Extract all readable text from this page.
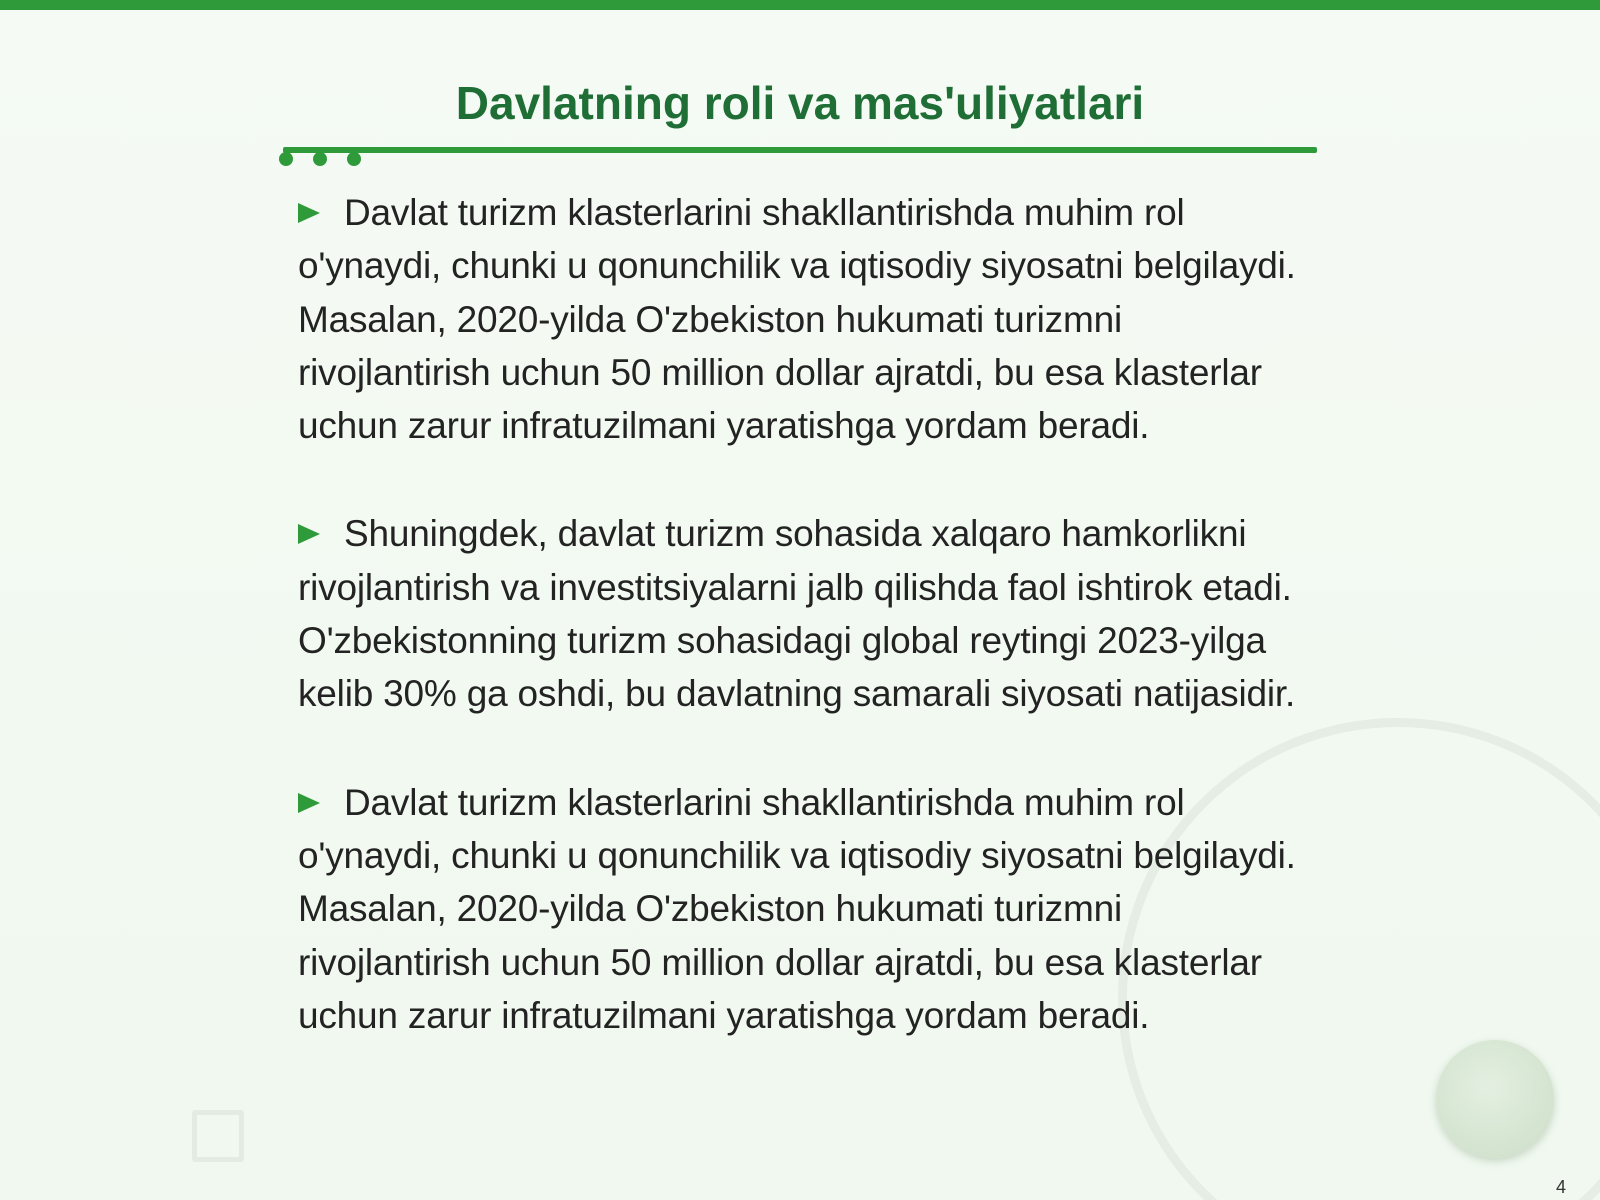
Davlatning roli va mas'uliyatlari

Davlat turizm klasterlarini shakllantirishda muhim rol o'ynaydi, chunki u qonunchilik va iqtisodiy siyosatni belgilaydi. Masalan, 2020-yilda O'zbekiston hukumati turizmni rivojlantirish uchun 50 million dollar ajratdi, bu esa klasterlar uchun zarur infratuzilmani yaratishga yordam beradi.

Shuningdek, davlat turizm sohasida xalqaro hamkorlikni rivojlantirish va investitsiyalarni jalb qilishda faol ishtirok etadi. O'zbekistonning turizm sohasidagi global reytingi 2023-yilga kelib 30% ga oshdi, bu davlatning samarali siyosati natijasidir.

Davlat turizm klasterlarini shakllantirishda muhim rol o'ynaydi, chunki u qonunchilik va iqtisodiy siyosatni belgilaydi. Masalan, 2020-yilda O'zbekiston hukumati turizmni rivojlantirish uchun 50 million dollar ajratdi, bu esa klasterlar uchun zarur infratuzilmani yaratishga yordam beradi.

4
